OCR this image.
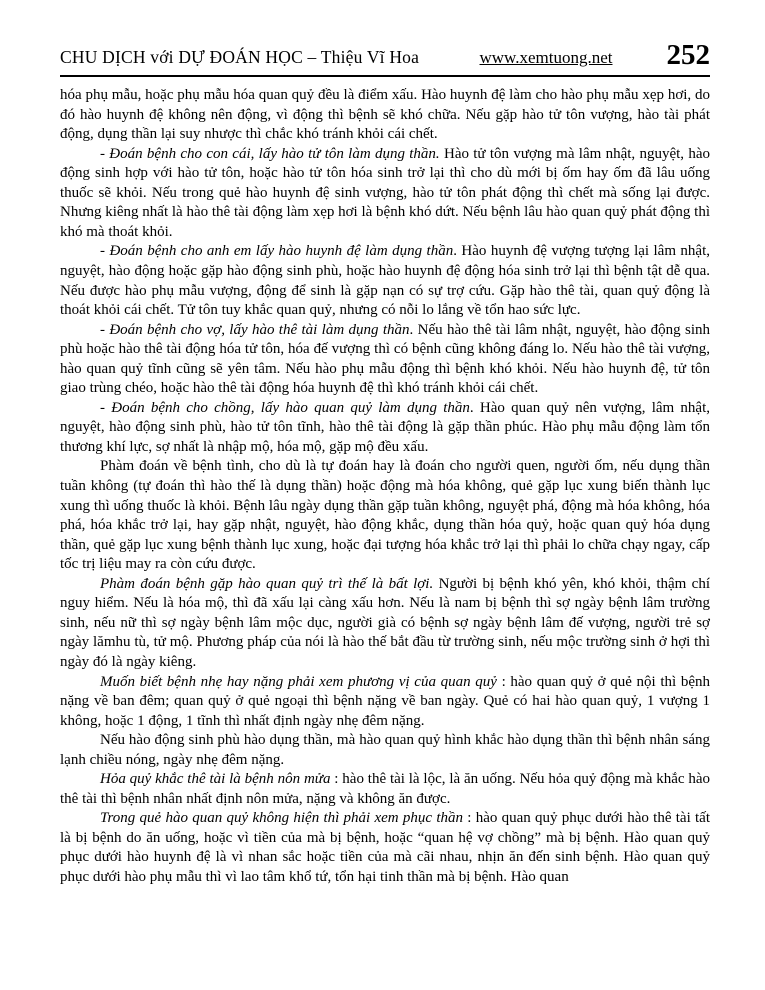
CHU DỊCH với DỰ ĐOÁN HỌC – Thiệu Vĩ Hoa	www.xemtuong.net 252

hóa phụ mẫu, hoặc phụ mẫu hóa quan quỷ đều là điểm xấu. Hào huynh đệ làm cho hào phụ mẫu xẹp hơi, do đó hào huynh đệ không nên động, vì động thì bệnh sẽ khó chữa. Nếu gặp hào tử tôn vượng, hào tài phát động, dụng thần lại suy nhược thì chắc khó tránh khỏi cái chết.

- Đoán bệnh cho con cái, lấy hào tử tôn làm dụng thần. Hào tử tôn vượng mà lâm nhật, nguyệt, hào động sinh hợp với hào tử tôn, hoặc hào tử tôn hóa sinh trở lại thì cho dù mới bị ốm hay ốm đã lâu uống thuốc sẽ khỏi. Nếu trong quẻ hào huynh đệ sinh vượng, hào tử tôn phát động thì chết mà sống lại được. Nhưng kiêng nhất là hào thê tài động làm xẹp hơi là bệnh khó dứt. Nếu bệnh lâu hào quan quỷ phát động thì khó mà thoát khỏi.

- Đoán bệnh cho anh em lấy hào huynh đệ làm dụng thần. Hào huynh đệ vượng tượng lại lâm nhật, nguyệt, hào động hoặc gặp hào động sinh phù, hoặc hào huynh đệ động hóa sinh trở lại thì bệnh tật dễ qua. Nếu được hào phụ mẫu vượng, động để sinh là gặp nạn có sự trợ cứu. Gặp hào thê tài, quan quỷ động là thoát khỏi cái chết. Tử tôn tuy khắc quan quỷ, nhưng có nỗi lo lắng về tổn hao sức lực.

- Đoán bệnh cho vợ, lấy hào thê tài làm dụng thần. Nếu hào thê tài lâm nhật, nguyệt, hào động sinh phù hoặc hào thê tài động hóa tử tôn, hóa đế vượng thì có bệnh cũng không đáng lo. Nếu hào thê tài vượng, hào quan quỷ tĩnh cũng sẽ yên tâm. Nếu hào phụ mẫu động thì bệnh khó khỏi. Nếu hào huynh đệ, tử tôn giao trùng chéo, hoặc hào thê tài động hóa huynh đệ thì khó tránh khỏi cái chết.

- Đoán bệnh cho chồng, lấy hào quan quỷ làm dụng thần. Hào quan quỷ nên vượng, lâm nhật, nguyệt, hào động sinh phù, hào tử tôn tĩnh, hào thê tài động là gặp thần phúc. Hào phụ mẫu động làm tổn thương khí lực, sợ nhất là nhập mộ, hóa mộ, gặp mộ đều xấu.

Phàm đoán về bệnh tình, cho dù là tự đoán hay là đoán cho người quen, người ốm, nếu dụng thần tuần không (tự đoán thì hào thế là dụng thần) hoặc động mà hóa không, quẻ gặp lục xung biến thành lục xung thì uống thuốc là khỏi. Bệnh lâu ngày dụng thần gặp tuần không, nguyệt phá, động mà hóa không, hóa phá, hóa khắc trở lại, hay gặp nhật, nguyệt, hào động khắc, dụng thần hóa quỷ, hoặc quan quỷ hóa dụng thần, quẻ gặp lục xung bệnh thành lục xung, hoặc đại tượng hóa khắc trở lại thì phải lo chữa chạy ngay, cấp tốc trị liệu may ra còn cứu được.

Phàm đoán bệnh gặp hào quan quỷ trì thế là bất lợi. Người bị bệnh khó yên, khó khỏi, thậm chí nguy hiểm. Nếu là hóa mộ, thì đã xấu lại càng xấu hơn. Nếu là nam bị bệnh thì sợ ngày bệnh lâm trường sinh, nếu nữ thì sợ ngày bệnh lâm mộc dục, người già có bệnh sợ ngày bệnh lâm đế vượng, người trẻ sợ ngày lămhu tù, tử mộ. Phương pháp của nói là hào thế bắt đầu từ trường sinh, nếu mộc trường sinh ở hợi thì ngày đó là ngày kiêng.

Muốn biết bệnh nhẹ hay nặng phải xem phương vị của quan quỷ : hào quan quỷ ở quẻ nội thì bệnh nặng về ban đêm; quan quỷ ở quẻ ngoại thì bệnh nặng về ban ngày. Quẻ có hai hào quan quỷ, 1 vượng 1 không, hoặc 1 động, 1 tĩnh thì nhất định ngày nhẹ đêm nặng.

Nếu hào động sinh phù hào dụng thần, mà hào quan quỷ hình khắc hào dụng thần thì bệnh nhân sáng lạnh chiều nóng, ngày nhẹ đêm nặng.

Hỏa quỷ khắc thê tài là bệnh nôn mửa : hào thê tài là lộc, là ăn uống. Nếu hỏa quỷ động mà khắc hào thê tài thì bệnh nhân nhất định nôn mửa, nặng và không ăn được.

Trong quẻ hào quan quỷ không hiện thì phải xem phục thần : hào quan quỷ phục dưới hào thê tài tất là bị bệnh do ăn uống, hoặc vì tiền của mà bị bệnh, hoặc “quan hệ vợ chồng” mà bị bệnh. Hào quan quỷ phục dưới hào huynh đệ là vì nhan sắc hoặc tiền của mà cãi nhau, nhịn ăn đến sinh bệnh. Hào quan quỷ phục dưới hào phụ mẫu thì vì lao tâm khổ tứ, tổn hại tinh thần mà bị bệnh. Hào quan
